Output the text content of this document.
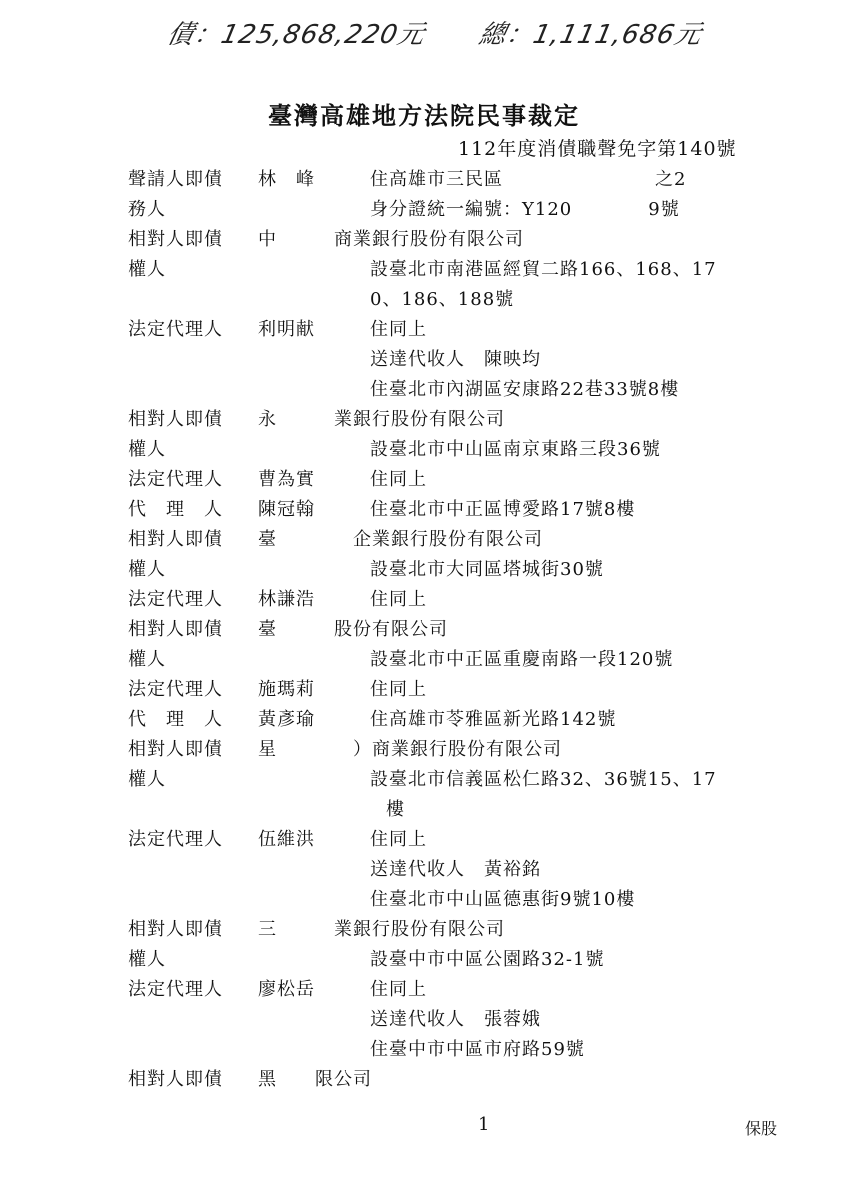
債：125,868,220元 總：1,111,686元
臺灣高雄地方法院民事裁定
112年度消債職聲免字第140號
聲請人即債 林　峰	住高雄市三民區　　　　　　　　之2
務人	身分證統一編號：Y120　　　　9號
相對人即債 中　　　商業銀行股份有限公司
權人	設臺北市南港區經貿二路166、168、17
0、186、188號
法定代理人 利明献	住同上
送達代收人　陳映均
住臺北市內湖區安康路22巷33號8樓
相對人即債 永　　　業銀行股份有限公司
權人	設臺北市中山區南京東路三段36號
法定代理人 曹為實	住同上
代　理　人 陳冠翰	住臺北市中正區博愛路17號8樓
相對人即債 臺　　　　企業銀行股份有限公司
權人	設臺北市大同區塔城街30號
法定代理人 林謙浩	住同上
相對人即債 臺　　　股份有限公司
權人	設臺北市中正區重慶南路一段120號
法定代理人 施瑪莉	住同上
代　理　人 黃彥瑜	住高雄市苓雅區新光路142號
相對人即債 星　　　　）商業銀行股份有限公司
權人	設臺北市信義區松仁路32、36號15、17
樓
法定代理人 伍維洪	住同上
送達代收人　黃裕銘
住臺北市中山區德惠街9號10樓
相對人即債 三　　　業銀行股份有限公司
權人	設臺中市中區公園路32-1號
法定代理人 廖松岳	住同上
送達代收人　張蓉娥
住臺中市中區市府路59號
相對人即債 黑　　限公司
1	保股
